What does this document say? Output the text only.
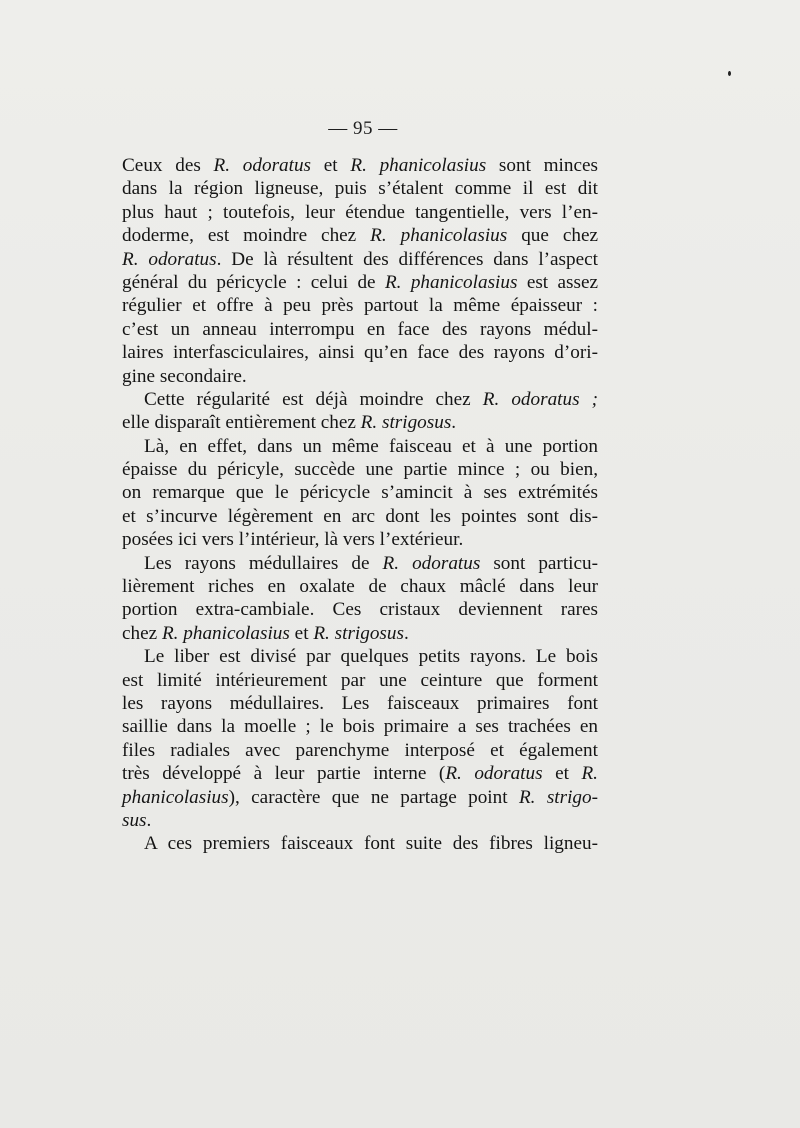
— 95 —
Ceux des R. odoratus et R. phanicolasius sont minces
dans la région ligneuse, puis s’étalent comme il est dit
plus haut ; toutefois, leur étendue tangentielle, vers l’en-
doderme, est moindre chez R. phanicolasius que chez
R. odoratus. De là résultent des différences dans l’aspect
général du péricycle : celui de R. phanicolasius est assez
régulier et offre à peu près partout la même épaisseur :
c’est un anneau interrompu en face des rayons médul-
laires interfasciculaires, ainsi qu’en face des rayons d’ori-
gine secondaire.
Cette régularité est déjà moindre chez R. odoratus ;
elle disparaît entièrement chez R. strigosus.
Là, en effet, dans un même faisceau et à une portion
épaisse du péricyle, succède une partie mince ; ou bien,
on remarque que le péricycle s’amincit à ses extrémités
et s’incurve légèrement en arc dont les pointes sont dis-
posées ici vers l’intérieur, là vers l’extérieur.
Les rayons médullaires de R. odoratus sont particu-
lièrement riches en oxalate de chaux mâclé dans leur
portion extra-cambiale. Ces cristaux deviennent rares
chez R. phanicolasius et R. strigosus.
Le liber est divisé par quelques petits rayons. Le bois
est limité intérieurement par une ceinture que forment
les rayons médullaires. Les faisceaux primaires font
saillie dans la moelle ; le bois primaire a ses trachées en
files radiales avec parenchyme interposé et également
très développé à leur partie interne (R. odoratus et R.
phanicolasius), caractère que ne partage point R. strigo-
sus.
A ces premiers faisceaux font suite des fibres ligneu-
